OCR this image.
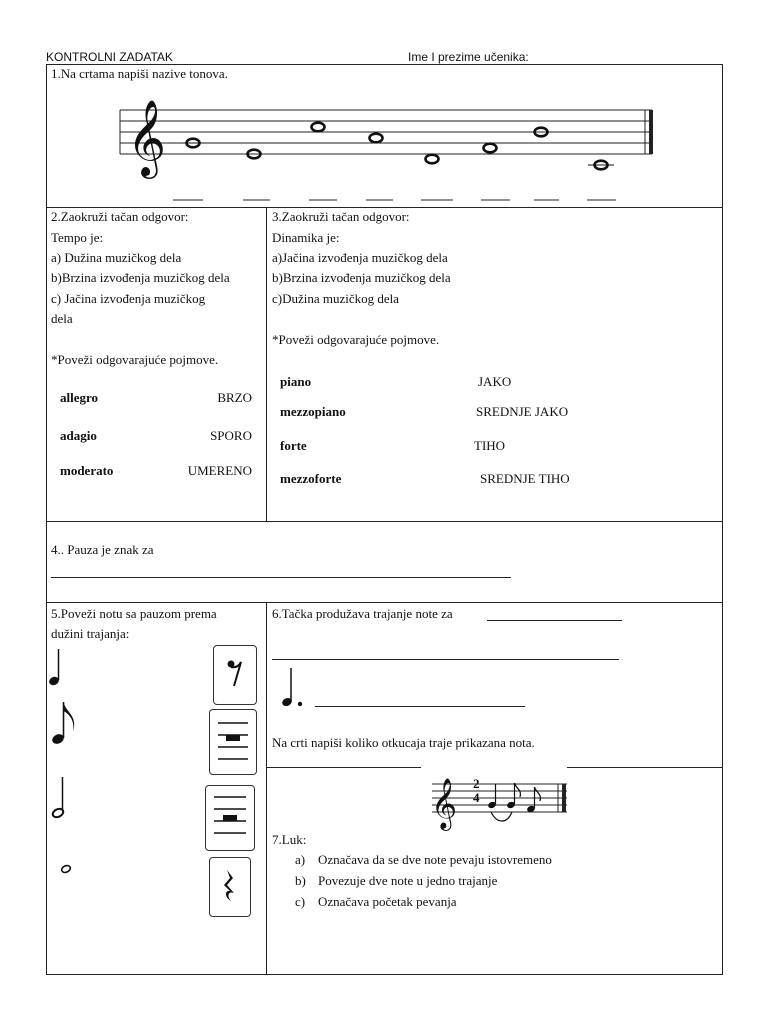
KONTROLNI ZADATAK	Ime I prezime učenika:
1.Na crtama napiši nazive tonova.
𝄞
2.Zaokruži tačan odgovor:
Tempo je:
a) Dužina muzičkog dela
b)Brzina izvođenja muzičkog dela
c) Jačina izvođenja muzičkog
dela
*Poveži odgovarajuće pojmove.
allegro
adagio
moderato
BRZO
SPORO
UMERENO
3.Zaokruži tačan odgovor:
Dinamika je:
a)Jačina izvođenja muzičkog dela
b)Brzina izvođenja muzičkog dela
c)Dužina muzičkog dela
*Poveži odgovarajuće pojmove.
piano
mezzopiano
forte
mezzoforte
JAKO
SREDNJE JAKO
TIHO
SREDNJE TIHO
4.. Pauza je znak za
5.Poveži notu sa pauzom prema
dužini trajanja:
6.Tačka produžava trajanje note za
Na crti napiši koliko otkucaja traje prikazana nota.
𝄞 2
4
7.Luk:
a) Označava da se dve note pevaju istovremeno
b) Povezuje dve note u jedno trajanje
c) Označava početak pevanja
